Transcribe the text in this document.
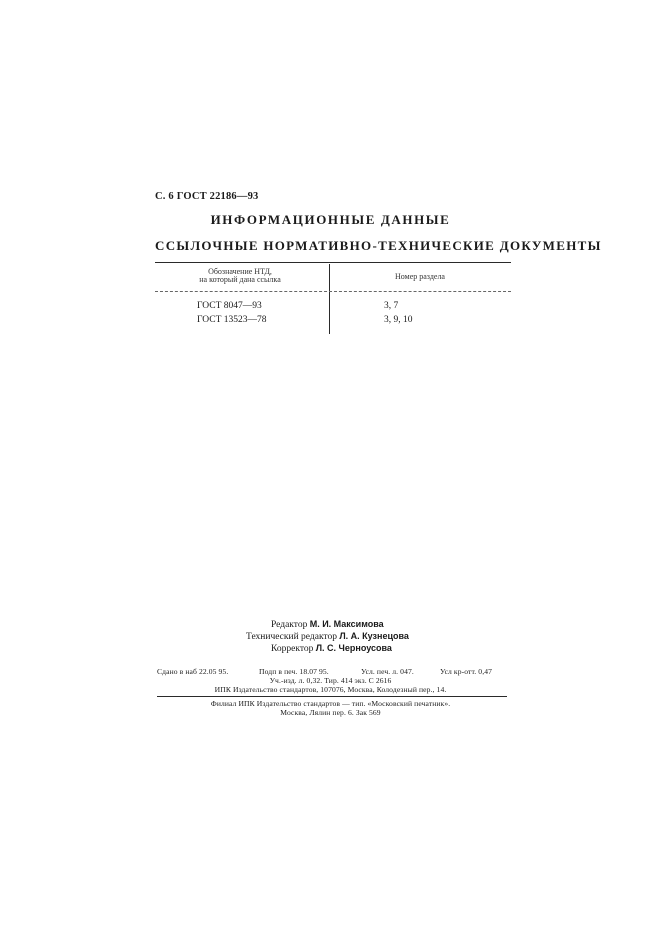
С. 6 ГОСТ 22186—93
ИНФОРМАЦИОННЫЕ ДАННЫЕ
ССЫЛОЧНЫЕ НОРМАТИВНО-ТЕХНИЧЕСКИЕ ДОКУМЕНТЫ
Обозначение НТД,
на который дана ссылка	Номер раздела
ГОСТ 8047—93	3, 7
ГОСТ 13523—78	3, 9, 10
Редактор М. И. Максимова
Технический редактор Л. А. Кузнецова
Корректор Л. С. Черноусова
Сдано в наб 22.05 95.	Подп в печ. 18.07 95.	Усл. печ. л. 047.	Усл кр-отт. 0,47
Уч.-изд. л. 0,32. Тир. 414 экз. С 2616
ИПК Издательство стандартов, 107076, Москва, Колодезный пер., 14.
Филиал ИПК Издательство стандартов — тип. «Московский печатник».
Москва, Лялин пер. 6. Зак 569
